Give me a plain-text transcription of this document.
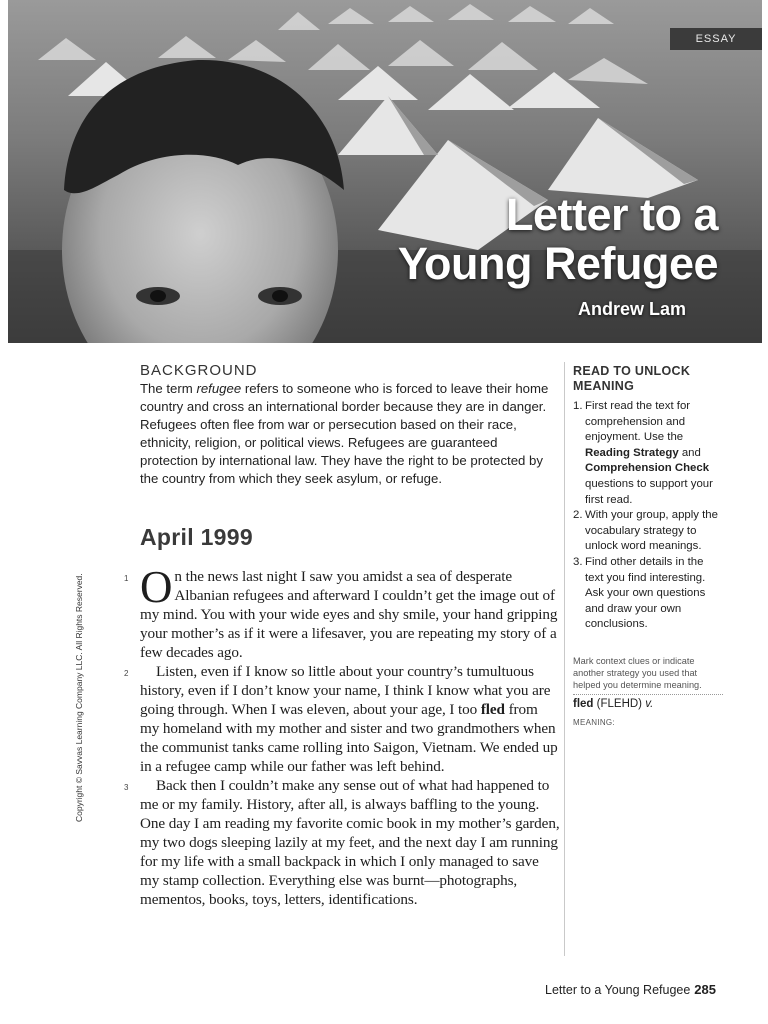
ESSAY
Letter to a
Young Refugee
Andrew Lam
Copyright © Savvas Learning Company LLC. All Rights Reserved.
BACKGROUND

The term refugee refers to someone who is forced to leave their home country and cross an international border because they are in danger. Refugees often flee from war or persecution based on their race, ethnicity, religion, or political views. Refugees are guaranteed protection by international law. They have the right to be protected by the country from which they seek asylum, or refuge.

April 1999

1 O n the news last night I saw you amidst a sea of desperate Albanian refugees and afterward I couldn’t get the image out of my mind. You with your wide eyes and shy smile, your hand gripping your mother’s as if it were a lifesaver, you are repeating my story of a few decades ago.

2 Listen, even if I know so little about your country’s tumultuous history, even if I don’t know your name, I think I know what you are going through. When I was eleven, about your age, I too fled from my homeland with my mother and sister and two grandmothers when the communist tanks came rolling into Saigon, Vietnam. We ended up in a refugee camp while our father was left behind.

3 Back then I couldn’t make any sense out of what had happened to me or my family. History, after all, is always baffling to the young. One day I am reading my favorite comic book in my mother’s garden, my two dogs sleeping lazily at my feet, and the next day I am running for my life with a small backpack in which I only managed to save my stamp collection. Everything else was burnt—photographs, mementos, books, toys, letters, identifications.

READ TO UNLOCK MEANING
1. First read the text for comprehension and enjoyment. Use the Reading Strategy and Comprehension Check questions to support your first read.
2. With your group, apply the vocabulary strategy to unlock word meanings.
3. Find other details in the text you find interesting. Ask your own questions and draw your own conclusions.

Mark context clues or indicate another strategy you used that helped you determine meaning.

fled (FLEHD) v.
MEANING:
Letter to a Young Refugee 285
